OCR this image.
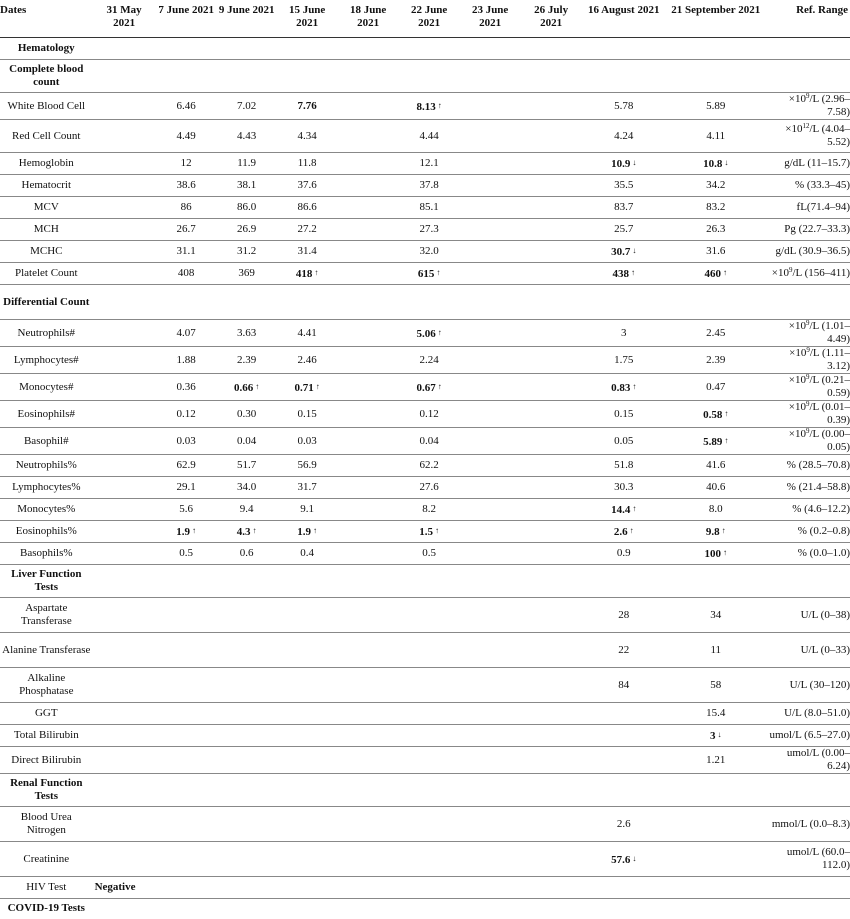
Dates	31 May 2021	7 June 2021	9 June 2021	15 June 2021	18 June 2021	22 June 2021	23 June 2021	26 July 2021	16 August 2021	21 September 2021	Ref. Range
Hematology											
Complete blood count											
White Blood Cell		6.46	7.02	7.76		8.13 ↑			5.78	5.89	$\times 10^9/L$ (2.96–7.58)
Red Cell Count		4.49	4.43	4.34		4.44			4.24	4.11	$\times 10^{12}/L$ (4.04–5.52)
Hemoglobin		12	11.9	11.8		12.1			10.9 ↓	10.8 ↓	g/dL (11–15.7)
Hematocrit		38.6	38.1	37.6		37.8			35.5	34.2	% (33.3–45)
MCV		86	86.0	86.6		85.1			83.7	83.2	fL(71.4–94)
MCH		26.7	26.9	27.2		27.3			25.7	26.3	Pg (22.7–33.3)
MCHC		31.1	31.2	31.4		32.0			30.7 ↓	31.6	g/dL (30.9–36.5)
Platelet Count		408	369	418 ↑		615 ↑			438 ↑	460 ↑	$\times 10^9/L$ (156–411)
Differential Count											
Neutrophils#		4.07	3.63	4.41		5.06 ↑			3	2.45	$\times 10^9/L$ (1.01–4.49)
Lymphocytes#		1.88	2.39	2.46		2.24			1.75	2.39	$\times 10^9/L$ (1.11–3.12)
Monocytes#		0.36	0.66 ↑	0.71 ↑		0.67 ↑			0.83 ↑	0.47	$\times 10^9/L$ (0.21–0.59)
Eosinophils#		0.12	0.30	0.15		0.12			0.15	0.58 ↑	$\times 10^9/L$ (0.01–0.39)
Basophil#		0.03	0.04	0.03		0.04			0.05	5.89 ↑	$\times 10^9/L$ (0.00–0.05)
Neutrophils%		62.9	51.7	56.9		62.2			51.8	41.6	% (28.5–70.8)
Lymphocytes%		29.1	34.0	31.7		27.6			30.3	40.6	% (21.4–58.8)
Monocytes%		5.6	9.4	9.1		8.2			14.4 ↑	8.0	% (4.6–12.2)
Eosinophils%		1.9 ↑	4.3 ↑	1.9 ↑		1.5 ↑			2.6 ↑	9.8 ↑	% (0.2–0.8)
Basophils%		0.5	0.6	0.4		0.5			0.9	100 ↑	% (0.0–1.0)
Liver Function Tests											
Aspartate Transferase									28	34	U/L (0–38)
Alanine Transferase									22	11	U/L (0–33)
Alkaline Phosphatase									84	58	U/L (30–120)
GGT										15.4	U/L (8.0–51.0)
Total Bilirubin										3 ↓	umol/L (6.5–27.0)
Direct Bilirubin										1.21	umol/L (0.00–6.24)
Renal Function Tests											
Blood Urea Nitrogen									2.6		mmol/L (0.0–8.3)
Creatinine									57.6 ↓		umol/L (60.0–112.0)
HIV Test	Negative										
COVID-19 Tests											
